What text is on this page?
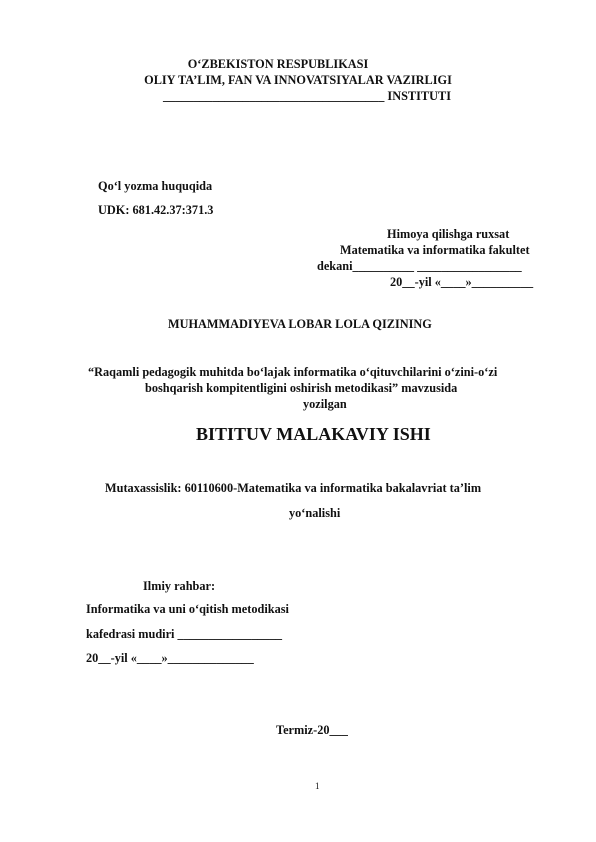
O‘ZBEKISTON RESPUBLIKASI
OLIY TA’LIM, FAN VA INNOVATSIYALAR VAZIRLIGI
____________________________________ INSTITUTI
Qo‘l yozma huquqida
UDK: 681.42.37:371.3
Himoya qilishga ruxsat
Matematika va informatika fakultet
dekani__________ _________________
20__-yil «____»__________
MUHAMMADIYEVA LOBAR LOLA QIZINING
“Raqamli pedagogik muhitda bo‘lajak informatika o‘qituvchilarini o‘zini-o‘zi
boshqarish kompitentligini oshirish metodikasi” mavzusida
yozilgan
BITITUV MALAKAVIY ISHI
Mutaxassislik: 60110600-Matematika va informatika bakalavriat ta’lim
yo‘nalishi
Ilmiy rahbar:
Informatika va uni o‘qitish metodikasi
kafedrasi mudiri _________________
20__-yil «____»______________
Termiz-20___
1
